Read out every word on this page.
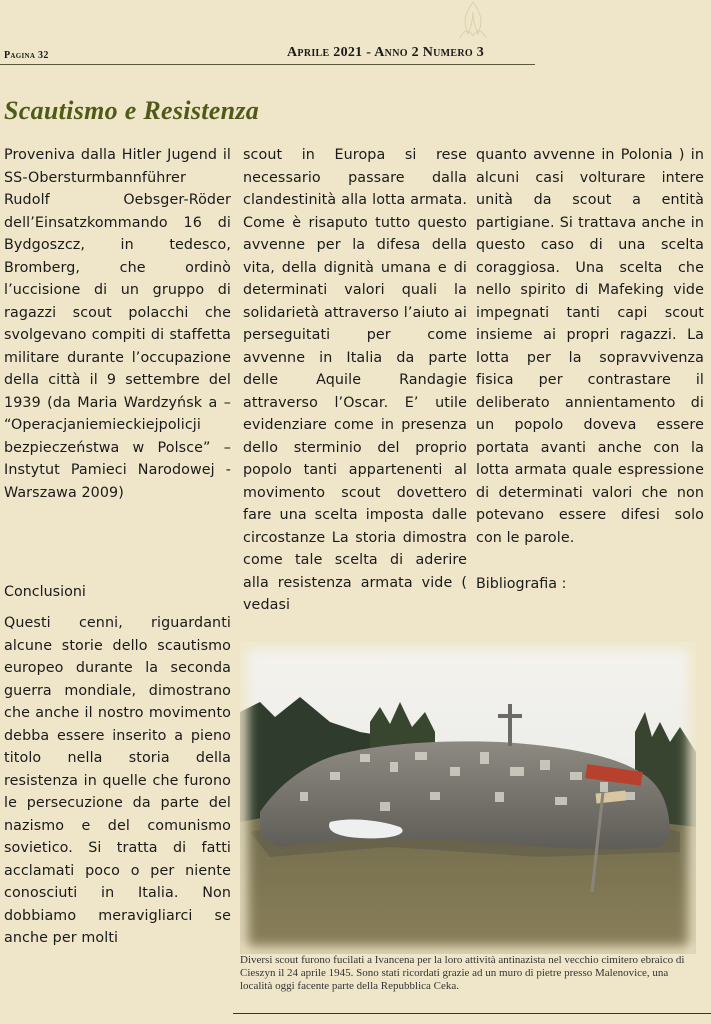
Pagina 32	Aprile 2021 - Anno 2 Numero 3
Scautismo e Resistenza

Proveniva dalla Hitler Jugend il SS-Obersturmbannführer Rudolf Oebsger-Röder dell’Einsatzkommando 16 di Bydgoszcz, in tedesco, Bromberg, che ordinò l’uccisione di un gruppo di ragazzi scout polacchi che svolgevano compiti di staffetta militare durante l’occupazione della città il 9 settembre del 1939 (da Maria Wardzyńsk a – “Operacjaniemieckiejpolicji bezpieczeństwa w Polsce” – Instytut Pamieci Narodowej - Warszawa 2009)

Conclusioni

Questi cenni, riguardanti alcune storie dello scautismo europeo durante la seconda guerra mondiale, dimostrano che anche il nostro movimento debba essere inserito a pieno titolo nella storia della resistenza in quelle che furono le persecuzione da parte del nazismo e del comunismo sovietico. Si tratta di fatti acclamati poco o per niente conosciuti in Italia. Non dobbiamo meravigliarci se anche per molti

scout in Europa si rese necessario passare dalla clandestinità alla lotta armata. Come è risaputo tutto questo avvenne per la difesa della vita, della dignità umana e di determinati valori quali la solidarietà attraverso l’aiuto ai perseguitati per come avvenne in Italia da parte delle Aquile Randagie attraverso l’Oscar. E’ utile evidenziare come in presenza dello sterminio del proprio popolo tanti appartenenti al movimento scout dovettero fare una scelta imposta dalle circostanze La storia dimostra come tale scelta di aderire alla resistenza armata vide ( vedasi

quanto avvenne in Polonia ) in alcuni casi volturare intere unità da scout a entità partigiane. Si trattava anche in questo caso di una scelta coraggiosa. Una scelta che nello spirito di Mafeking vide impegnati tanti capi scout insieme ai propri ragazzi. La lotta per la sopravvivenza fisica per contrastare il deliberato annientamento di un popolo doveva essere portata avanti anche con la lotta armata quale espressione di determinati valori che non potevano essere difesi solo con le parole.

Bibliografia :
Diversi scout furono fucilati a Ivancena per la loro attività antinazista nel vecchio cimitero ebraico di Cieszyn il 24 aprile 1945. Sono stati ricordati grazie ad un muro di pietre presso Malenovice, una località oggi facente parte della Repubblica Ceka.
